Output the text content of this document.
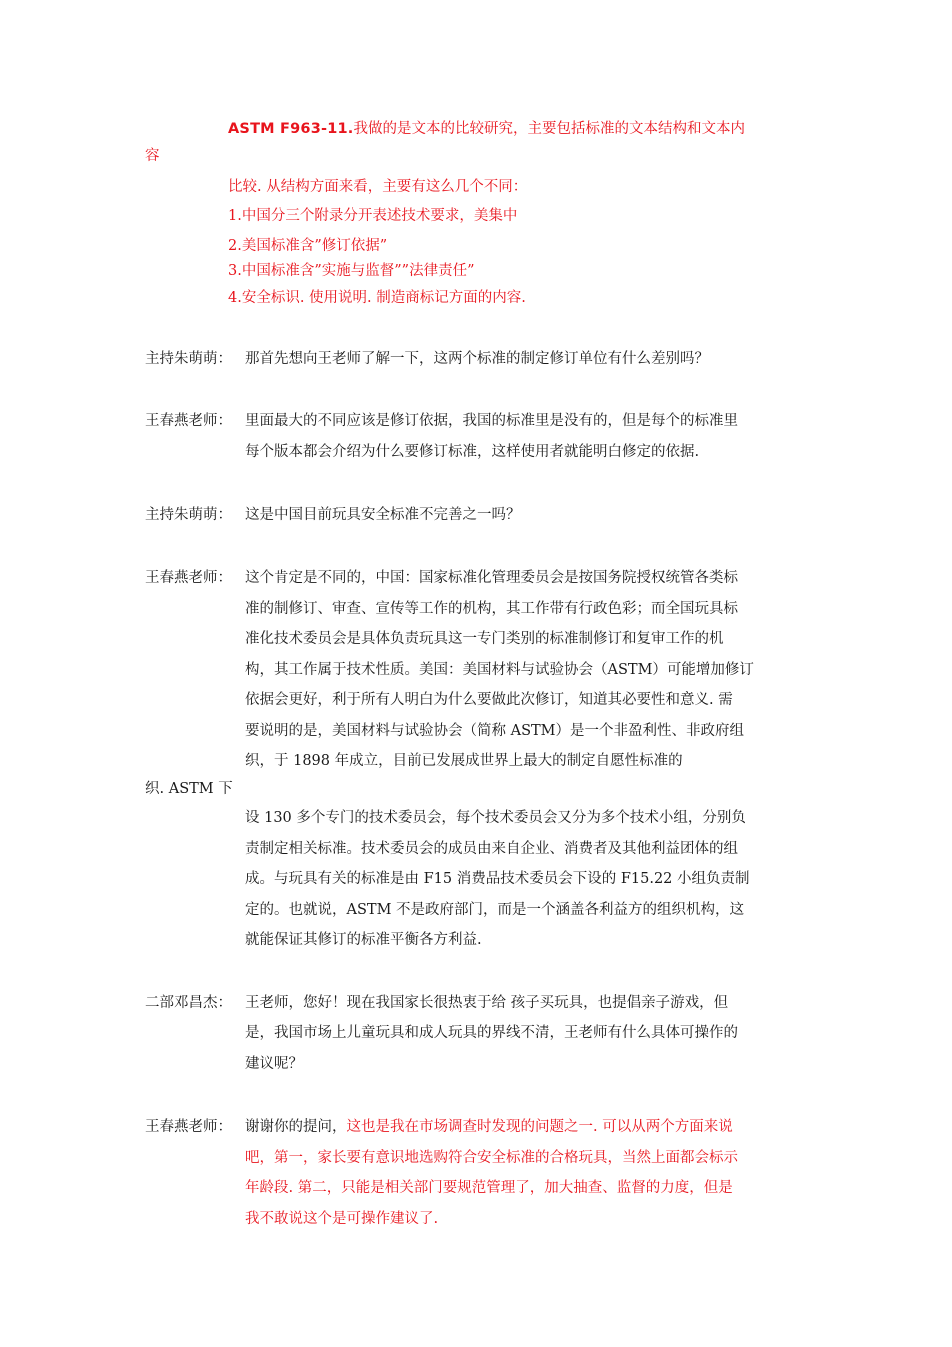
ASTM F963-11.我做的是文本的比较研究，主要包括标准的文本结构和文本内
容
比较. 从结构方面来看，主要有这么几个不同：
1.中国分三个附录分开表述技术要求，美集中
2.美国标准含”修订依据”
3.中国标准含”实施与监督””法律责任”
4.安全标识. 使用说明. 制造商标记方面的内容.
主持朱萌萌： 那首先想向王老师了解一下，这两个标准的制定修订单位有什么差别吗？
王春燕老师： 里面最大的不同应该是修订依据，我国的标准里是没有的，但是每个的标准里
每个版本都会介绍为什么要修订标准，这样使用者就能明白修定的依据.
主持朱萌萌： 这是中国目前玩具安全标准不完善之一吗？
王春燕老师： 这个肯定是不同的，中国：国家标准化管理委员会是按国务院授权统管各类标
准的制修订、审查、宣传等工作的机构，其工作带有行政色彩；而全国玩具标
准化技术委员会是具体负责玩具这一专门类别的标准制修订和复审工作的机
构，其工作属于技术性质。美国：美国材料与试验协会（ASTM）可能增加修订
依据会更好，利于所有人明白为什么要做此次修订，知道其必要性和意义. 需
要说明的是，美国材料与试验协会（简称 ASTM）是一个非盈利性、非政府组
织，于 1898 年成立，目前已发展成世界上最大的制定自愿性标准的
织. ASTM 下
设 130 多个专门的技术委员会，每个技术委员会又分为多个技术小组，分别负
责制定相关标准。技术委员会的成员由来自企业、消费者及其他利益团体的组
成。与玩具有关的标准是由 F15 消费品技术委员会下设的 F15.22 小组负责制
定的。也就说，ASTM 不是政府部门，而是一个涵盖各利益方的组织机构，这
就能保证其修订的标准平衡各方利益.
二部邓昌杰： 王老师，您好！现在我国家长很热衷于给 孩子买玩具，也提倡亲子游戏，但
是，我国市场上儿童玩具和成人玩具的界线不清，王老师有什么具体可操作的
建议呢？
王春燕老师： 谢谢你的提问，这也是我在市场调查时发现的问题之一. 可以从两个方面来说
吧，第一，家长要有意识地选购符合安全标准的合格玩具，当然上面都会标示
年龄段. 第二，只能是相关部门要规范管理了，加大抽查、监督的力度，但是
我不敢说这个是可操作建议了.
